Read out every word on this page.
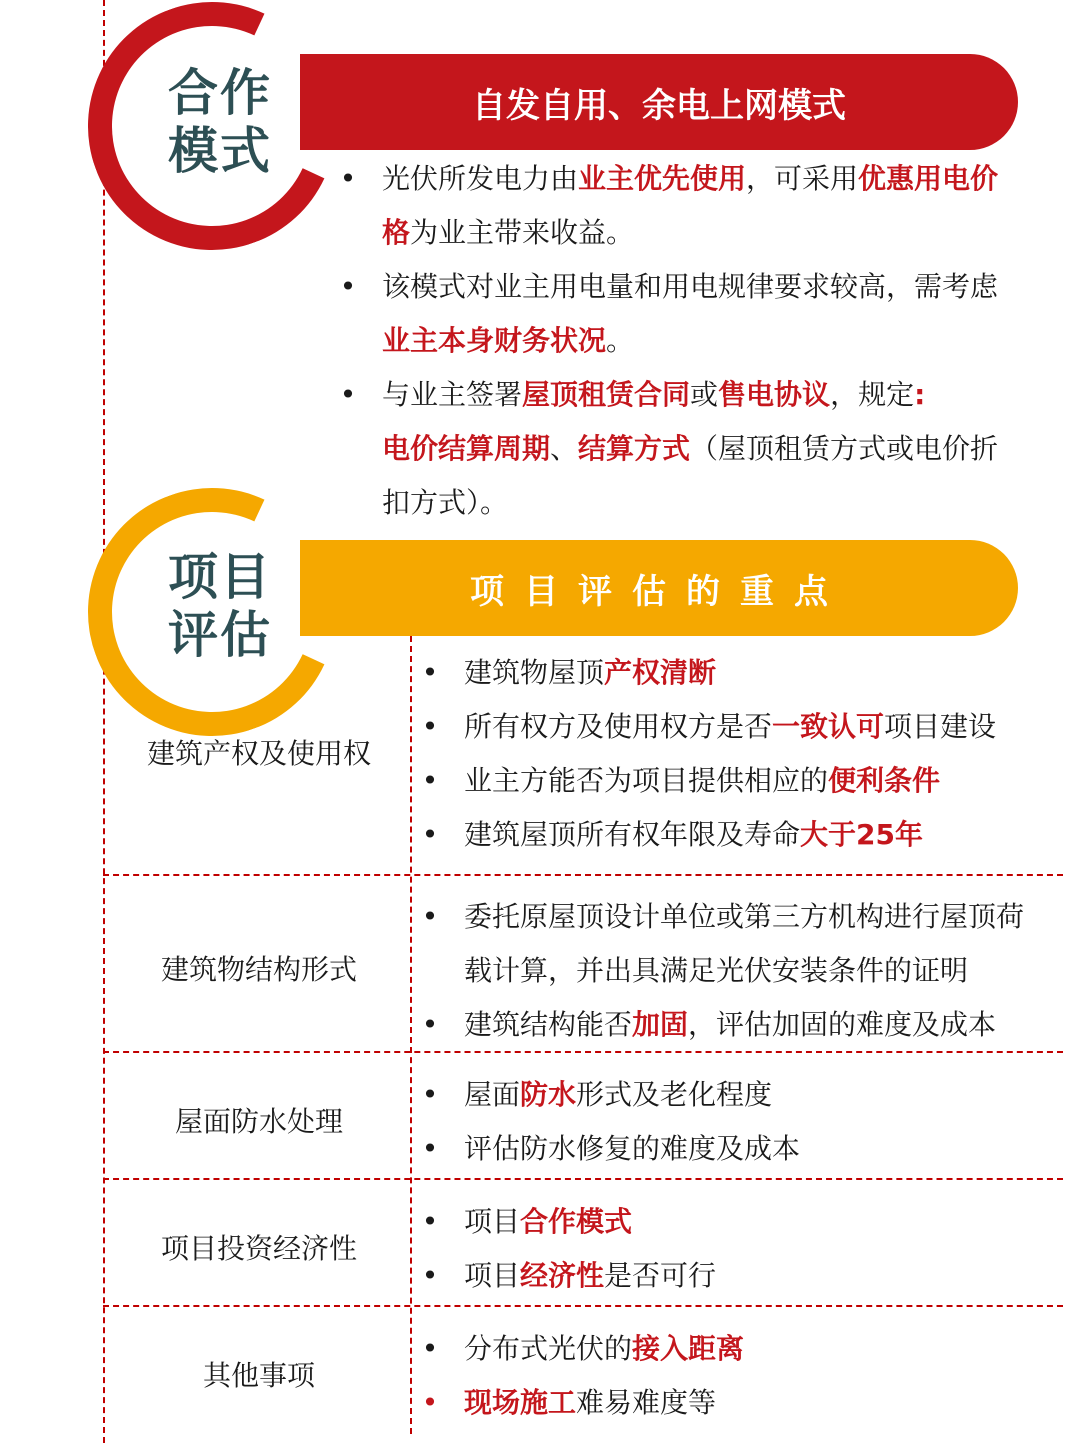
合作
模式
自发自用、余电上网模式
• 光伏所发电力由业主优先使用，可采用优惠用电价格为业主带来收益。
• 该模式对业主用电量和用电规律要求较高，需考虑业主本身财务状况。
• 与业主签署屋顶租赁合同或售电协议，规定:
电价结算周期、结算方式（屋顶租赁方式或电价折扣方式）。
项目评估的重点
项目
评估
建筑产权及使用权
• 建筑物屋顶产权清断
• 所有权方及使用权方是否一致认可项目建设
• 业主方能否为项目提供相应的便利条件
• 建筑屋顶所有权年限及寿命大于25年
建筑物结构形式
• 委托原屋顶设计单位或第三方机构进行屋顶荷载计算，并出具满足光伏安装条件的证明
• 建筑结构能否加固，评估加固的难度及成本
屋面防水处理
• 屋面防水形式及老化程度
• 评估防水修复的难度及成本
项目投资经济性
• 项目合作模式
• 项目经济性是否可行
其他事项
• 分布式光伏的接入距离
• 现场施工难易难度等
